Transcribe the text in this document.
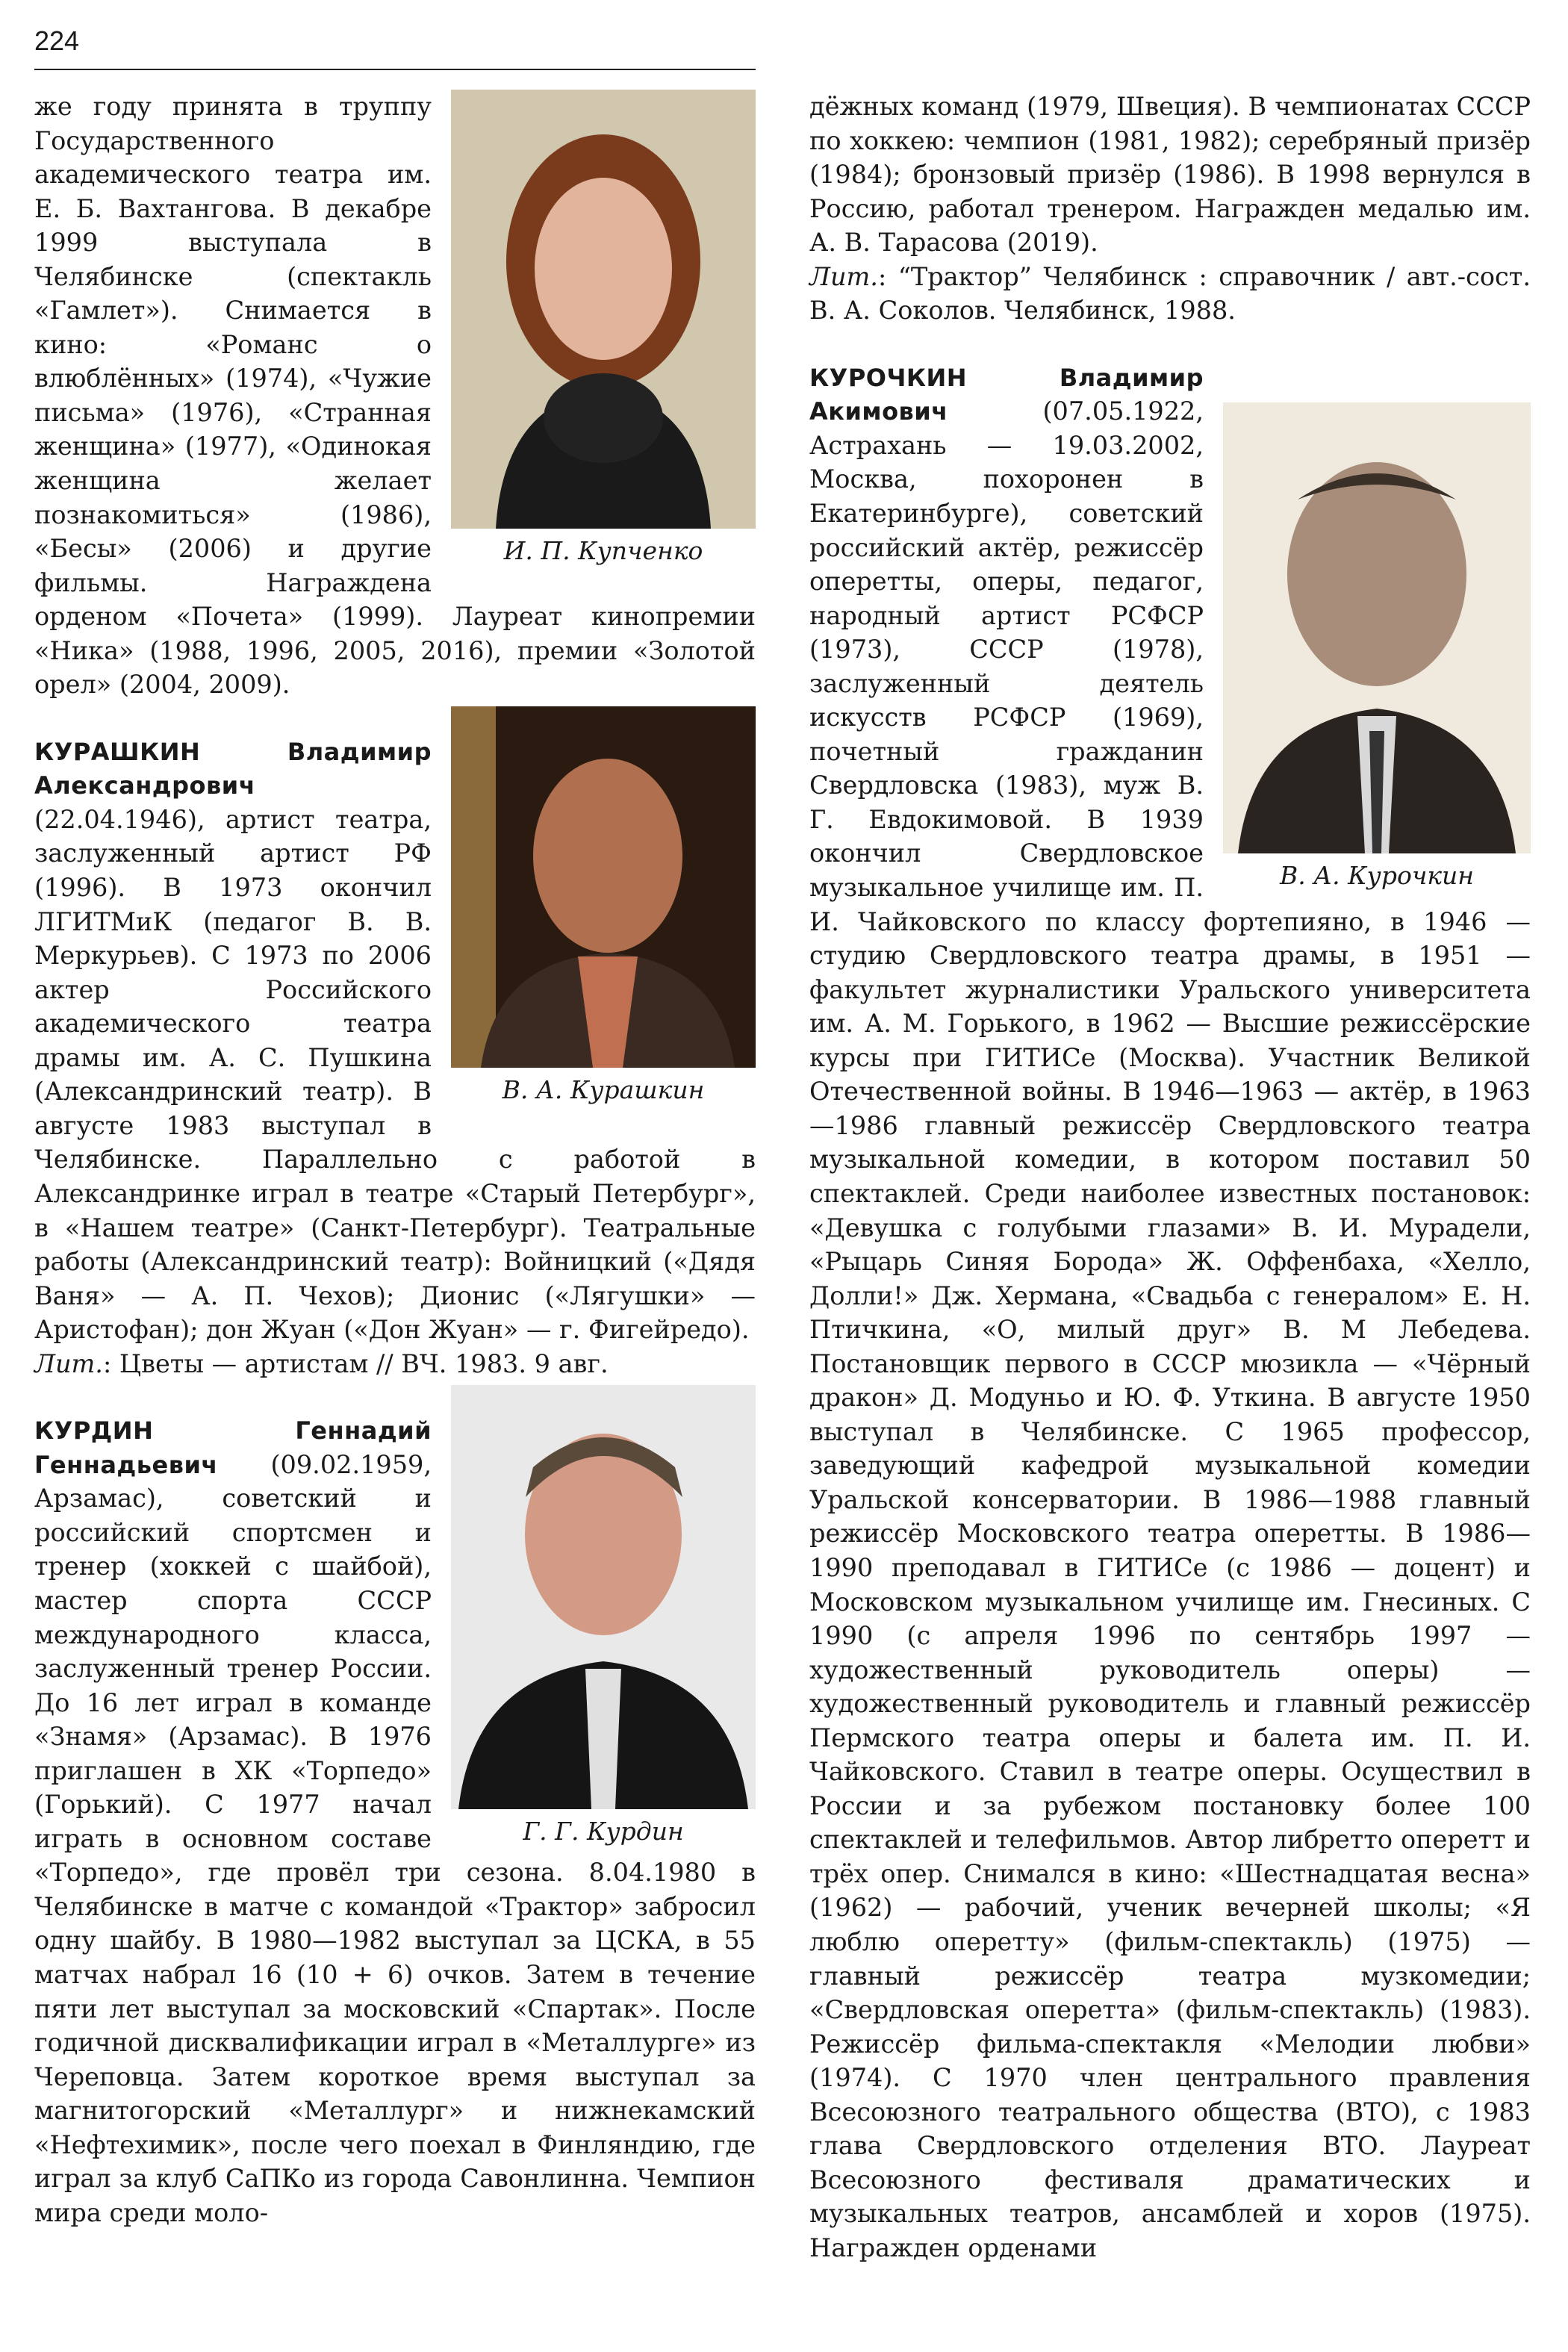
224
И. П. Купченко

же году принята в труппу Государственного академического театра им. Е. Б. Вахтангова. В декабре 1999 выступала в Челябинске (спектакль «Гамлет»). Снимается в кино: «Романс о влюблённых» (1974), «Чужие письма» (1976), «Странная женщина» (1977), «Одинокая женщина желает познакомиться» (1986), «Бесы» (2006) и другие фильмы. Награждена орденом «Почета» (1999). Лауреат кинопремии «Ника» (1988, 1996, 2005, 2016), премии «Золотой орел» (2004, 2009).

В. А. Курашкин

КУРАШКИН Владимир Александрович (22.04.1946), артист театра, заслуженный артист РФ (1996). В 1973 окончил ЛГИТМиК (педагог В. В. Меркурьев). С 1973 по 2006 актер Российского академического театра драмы им. А. С. Пушкина (Александринский театр). В августе 1983 выступал в Челябинске. Параллельно с работой в Александринке играл в театре «Старый Петербург», в «Нашем театре» (Санкт-Петербург). Театральные работы (Александринский театр): Войницкий («Дядя Ваня» — А. П. Чехов); Дионис («Лягушки» — Аристофан); дон Жуан («Дон Жуан» — г. Фигейредо).

Лит.: Цветы — артистам // ВЧ. 1983. 9 авг.

Г. Г. Курдин

КУРДИН Геннадий Геннадьевич (09.02.1959, Арзамас), советский и российский спортсмен и тренер (хоккей с шайбой), мастер спорта СССР международного класса, заслуженный тренер России. До 16 лет играл в команде «Знамя» (Арзамас). В 1976 приглашен в ХК «Торпедо» (Горький). С 1977 начал играть в основном составе «Торпедо», где провёл три сезона. 8.04.1980 в Челябинске в матче с командой «Трактор» забросил одну шайбу. В 1980—1982 выступал за ЦСКА, в 55 матчах набрал 16 (10 + 6) очков. Затем в течение пяти лет выступал за московский «Спартак». После годичной дисквалификации играл в «Металлурге» из Череповца. Затем короткое время выступал за магнитогорский «Металлург» и нижнекамский «Нефтехимик», после чего поехал в Финляндию, где играл за клуб СаПКо из города Савонлинна. Чемпион мира среди моло-

дёжных команд (1979, Швеция). В чемпионатах СССР по хоккею: чемпион (1981, 1982); серебряный призёр (1984); бронзовый призёр (1986). В 1998 вернулся в Россию, работал тренером. Награжден медалью им. А. В. Тарасова (2019).

Лит.: “Трактор” Челябинск : справочник / авт.-сост. В. А. Соколов. Челябинск, 1988.

В. А. Курочкин

КУРОЧКИН Владимир Акимович	(07.05.1922, Астрахань — 19.03.2002, Москва, похоронен в Екатеринбурге), советский российский актёр, режиссёр оперетты, оперы, педагог, народный артист РСФСР (1973), СССР (1978), заслуженный деятель искусств РСФСР (1969), почетный гражданин Свердловска (1983), муж В. Г. Евдокимовой. В 1939 окончил Свердловское музыкальное училище им. П. И. Чайковского по классу фортепияно, в 1946 — студию Свердловского театра драмы, в 1951 — факультет журналистики Уральского университета им. А. М. Горького, в 1962 — Высшие режиссёрские курсы при ГИТИСе (Москва). Участник Великой Отечественной войны. В 1946—1963 — актёр, в 1963—1986 главный режиссёр Свердловского театра музыкальной комедии, в котором поставил 50 спектаклей. Среди наиболее известных постановок: «Девушка с голубыми глазами» В. И. Мурадели, «Рыцарь Синяя Борода» Ж. Оффенбаха, «Хелло, Долли!» Дж. Хермана, «Свадьба с генералом» Е. Н. Птичкина, «О, милый друг» В. М Лебедева. Постановщик первого в СССР мюзикла — «Чёрный дракон» Д. Модуньо и Ю. Ф. Уткина. В августе 1950 выступал в Челябинске. С 1965 профессор, заведующий кафедрой музыкальной комедии Уральской консерватории. В 1986—1988 главный режиссёр Московского театра оперетты. В 1986—1990 преподавал в ГИТИСе (с 1986 — доцент) и Московском музыкальном училище им. Гнесиных. С 1990 (с апреля 1996 по сентябрь 1997 — художественный руководитель оперы) — художественный руководитель и главный режиссёр Пермского театра оперы и балета им. П. И. Чайковского. Ставил в театре оперы. Осуществил в России и за рубежом постановку более 100 спектаклей и телефильмов. Автор либретто оперетт и трёх опер. Снимался в кино: «Шестнадцатая весна» (1962) — рабочий, ученик вечерней школы; «Я люблю оперетту» (фильм-спектакль) (1975) — главный режиссёр театра музкомедии; «Свердловская оперетта» (фильм-спектакль) (1983). Режиссёр фильма-спектакля «Мелодии любви» (1974). С 1970 член центрального правления Всесоюзного театрального общества (ВТО), с 1983 глава Свердловского отделения ВТО. Лауреат Всесоюзного фестиваля драматических и музыкальных театров, ансамблей и хоров (1975). Награжден орденами
